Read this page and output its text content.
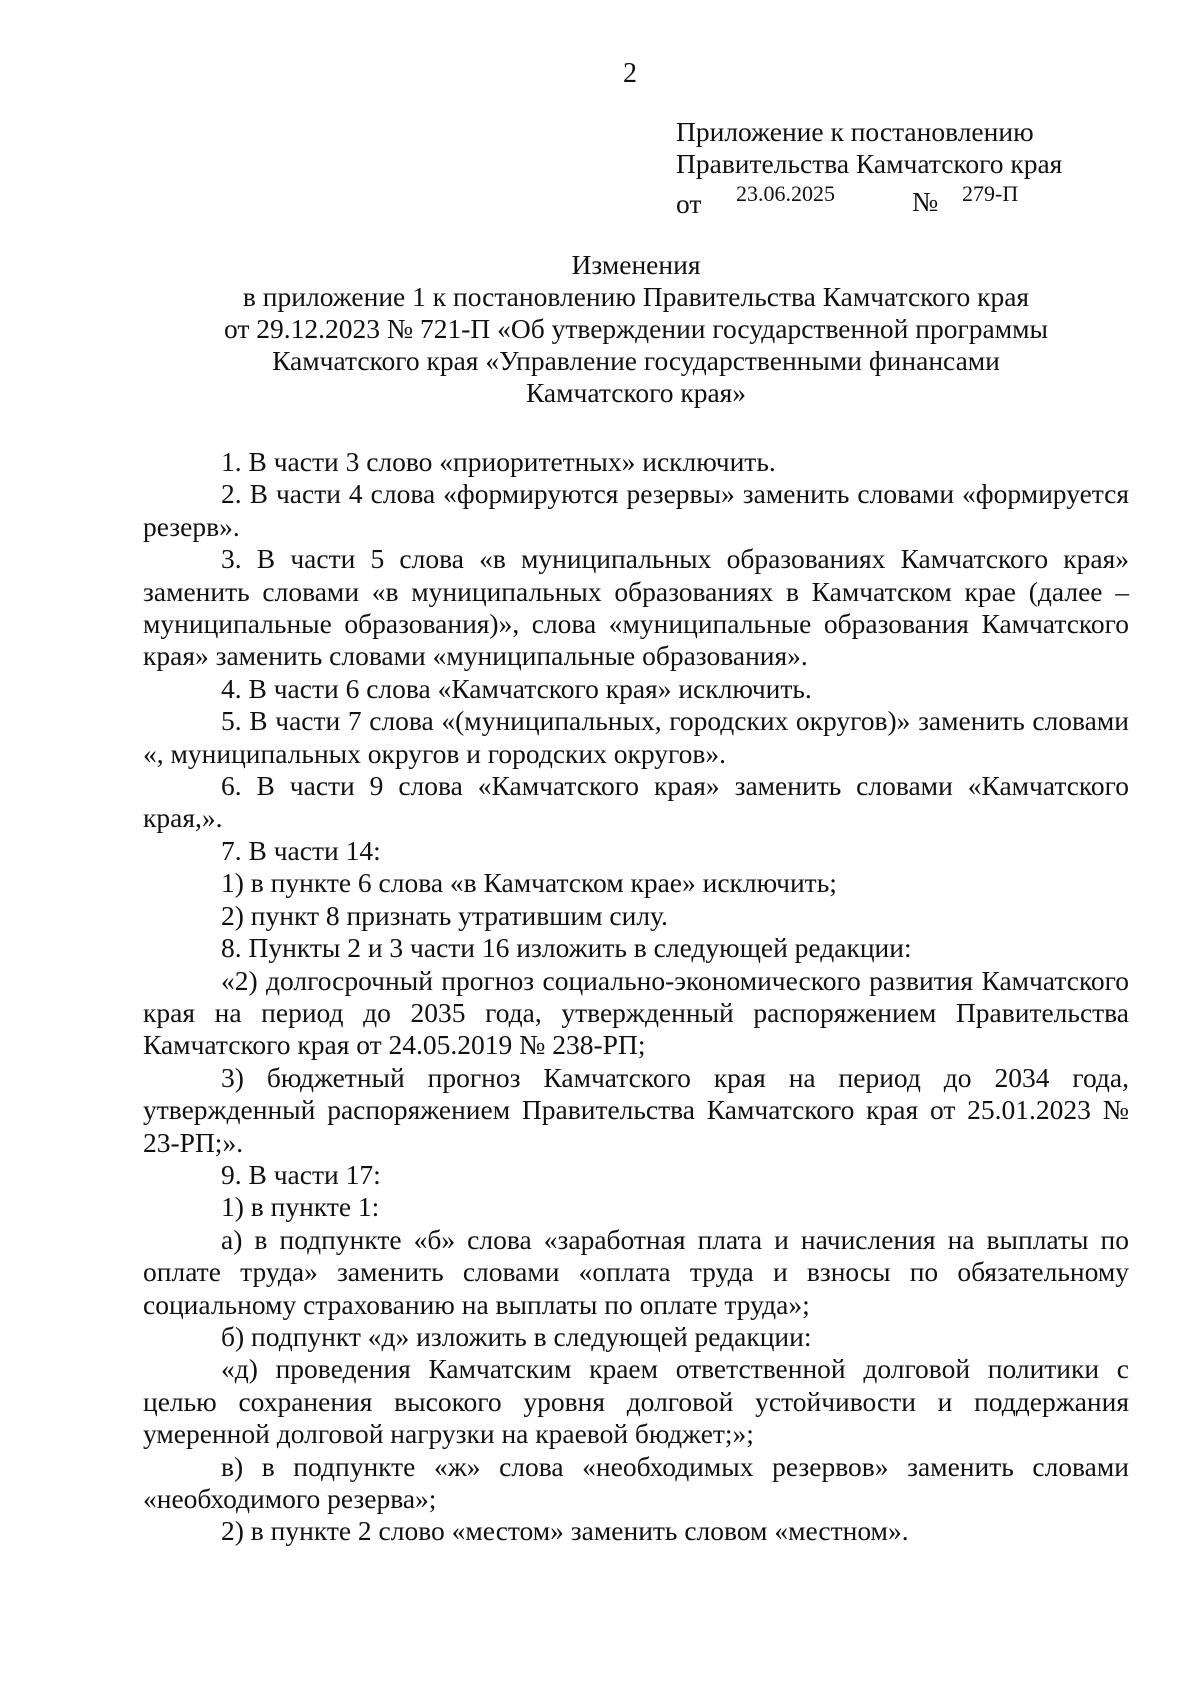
2
Приложение к постановлению
Правительства Камчатского края
от 23.06.2025	№ 279-П
Изменения
в приложение 1 к постановлению Правительства Камчатского края
от 29.12.2023 № 721-П «Об утверждении государственной программы
Камчатского края «Управление государственными финансами
Камчатского края»

1. В части 3 слово «приоритетных» исключить.

2. В части 4 слова «формируются резервы» заменить словами «формируется резерв».

3. В части 5 слова «в муниципальных образованиях Камчатского края» заменить словами «в муниципальных образованиях в Камчатском крае (далее – муниципальные образования)», слова «муниципальные образования Камчатского края» заменить словами «муниципальные образования».

4. В части 6 слова «Камчатского края» исключить.

5. В части 7 слова «(муниципальных, городских округов)» заменить словами «, муниципальных округов и городских округов».

6. В части 9 слова «Камчатского края» заменить словами «Камчатского края,».

7. В части 14:

1) в пункте 6 слова «в Камчатском крае» исключить;

2) пункт 8 признать утратившим силу.

8. Пункты 2 и 3 части 16 изложить в следующей редакции:

«2) долгосрочный прогноз социально-экономического развития Камчатского края на период до 2035 года, утвержденный распоряжением Правительства Камчатского края от 24.05.2019 № 238-РП;

3) бюджетный прогноз Камчатского края на период до 2034 года, утвержденный распоряжением Правительства Камчатского края от 25.01.2023 № 23-РП;».

9. В части 17:

1) в пункте 1:

а) в подпункте «б» слова «заработная плата и начисления на выплаты по оплате труда» заменить словами «оплата труда и взносы по обязательному социальному страхованию на выплаты по оплате труда»;

б) подпункт «д» изложить в следующей редакции:

«д) проведения Камчатским краем ответственной долговой политики с целью сохранения высокого уровня долговой устойчивости и поддержания умеренной долговой нагрузки на краевой бюджет;»;

в) в подпункте «ж» слова «необходимых резервов» заменить словами «необходимого резерва»;

2) в пункте 2 слово «местом» заменить словом «местном».
